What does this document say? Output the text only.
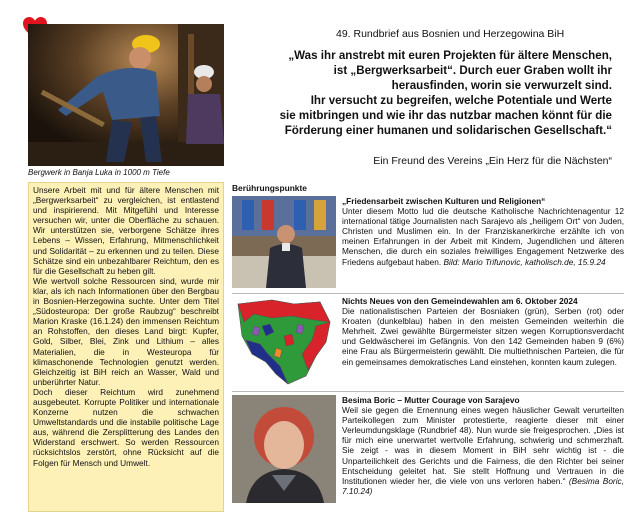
Bergwerk in Banja Luka in 1000 m Tiefe
49. Rundbrief aus Bosnien und Herzegowina BiH
„Was ihr anstrebt mit euren Projekten für ältere Menschen,
ist „Bergwerksarbeit“. Durch euer Graben wollt ihr
herausfinden, worin sie verwurzelt sind.
Ihr versucht zu begreifen, welche Potentiale und Werte
sie mitbringen und wie ihr das nutzbar machen könnt für die
Förderung einer humanen und solidarischen Gesellschaft.“
Ein Freund des Vereins „Ein Herz für die Nächsten“

Unsere Arbeit mit und für ältere Menschen mit „Bergwerksarbeit“ zu vergleichen, ist entlastend und inspirierend. Mit Mitgefühl und Interesse versuchen wir, unter die Oberfläche zu schauen. Wir unterstützen sie, verborgene Schätze ihres Lebens – Wissen, Erfahrung, Mitmenschlichkeit und Solidarität – zu erkennen und zu teilen. Diese Schätze sind ein unbezahlbarer Reichtum, den es für die Gesellschaft zu heben gilt.

Wie wertvoll solche Ressourcen sind, wurde mir klar, als ich nach Informationen über den Bergbau in Bosnien-Herzegowina suchte. Unter dem Titel „Südosteuropa: Der große Raubzug“ beschreibt Marion Kraske (16.1.24) den immensen Reichtum an Rohstoffen, den dieses Land birgt: Kupfer, Gold, Silber, Blei, Zink und Lithium – alles Materialien, die in Westeuropa für klimaschonende Technologien genutzt werden. Gleichzeitig ist BiH reich an Wasser, Wald und unberührter Natur.

Doch dieser Reichtum wird zunehmend ausgebeutet. Korrupte Politiker und internationale Konzerne nutzen die schwachen Umweltstandards und die instabile politische Lage aus, während die Zersplitterung des Landes den Widerstand erschwert. So werden Ressourcen rücksichtslos zerstört, ohne Rücksicht auf die Folgen für Mensch und Umwelt.

Berührungspunkte
„Friedensarbeit zwischen Kulturen und Religionen“
Unter diesem Motto lud die deutsche Katholische Nachrichtenagentur 12 international tätige Journalisten nach Sarajevo als „heiligem Ort“ von Juden, Christen und Muslimen ein. In der Franziskanerkirche erzählte ich von meinen Erfahrungen in der Arbeit mit Kindern, Jugendlichen und älteren Menschen, die durch ein soziales freiwilliges Engagement Netzwerke des Friedens aufgebaut haben. Bild: Mario Trifunovic, katholisch.de, 15.9.24
Nichts Neues von den Gemeindewahlen am 6. Oktober 2024
Die nationalistischen Parteien der Bosniaken (grün), Serben (rot) oder Kroaten (dunkelblau) haben in den meisten Gemeinden weiterhin die Mehrheit. Zwei gewählte Bürgermeister sitzen wegen Korruptionsverdacht und Geldwäscherei im Gefängnis. Von den 142 Gemeinden haben 9 (6%) eine Frau als Bürgermeisterin gewählt. Die multiethnischen Parteien, die für ein gemeinsames demokratisches Land einstehen, konnten kaum zulegen.
Besima Boric – Mutter Courage von Sarajevo
Weil sie gegen die Ernennung eines wegen häuslicher Gewalt verurteilten Parteikollegen zum Minister protestierte, reagierte dieser mit einer Verleumdungsklage (Rundbrief 48). Nun wurde sie freigesprochen. „Dies ist für mich eine unerwartet wertvolle Erfahrung, schwierig und schmerzhaft. Sie zeigt - was in diesem Moment in BiH sehr wichtig ist - die Unparteilichkeit des Gerichts und die Fairness, die den Richter bei seiner Entscheidung geleitet hat. Sie stellt Hoffnung und Vertrauen in die Institutionen wieder her, die viele von uns verloren haben.“ (Besima Boric, 7.10.24)
